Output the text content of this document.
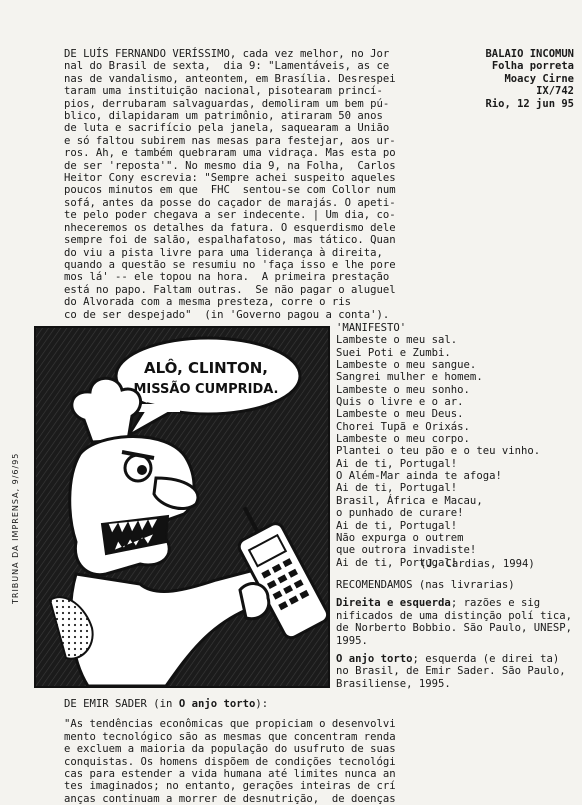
BALAIO INCOMUN
Folha porreta
Moacy Cirne
IX/742
Rio, 12 jun 95
DE LUÍS FERNANDO VERÍSSIMO, cada vez melhor, no Jor
nal do Brasil de sexta,  dia 9: "Lamentáveis, as ce
nas de vandalismo, anteontem, em Brasília. Desrespei
taram uma instituição nacional, pisotearam princí-
pios, derrubaram salvaguardas, demoliram um bem pú-
blico, dilapidaram um patrimônio, atiraram 50 anos
de luta e sacrifício pela janela, saquearam a União
e só faltou subirem nas mesas para festejar, aos ur-
ros. Ah, e também quebraram uma vidraça. Mas esta po
de ser 'reposta'". No mesmo dia 9, na Folha,  Carlos
Heitor Cony escrevia: "Sempre achei suspeito aqueles
poucos minutos em que  FHC  sentou-se com Collor num
sofá, antes da posse do caçador de marajás. O apeti-
te pelo poder chegava a ser indecente. | Um dia, co-
nheceremos os detalhes da fatura. O esquerdismo dele
sempre foi de salão, espalhafatoso, mas tático. Quan
do viu a pista livre para uma liderança à direita,
quando a questão se resumiu no 'faça isso e lhe pore
mos lá' -- ele topou na hora.  A primeira prestação
está no papo. Faltam outras.  Se não pagar o aluguel
do Alvorada com a mesma presteza, corre o ris
co de ser despejado"  (in 'Governo pagou a conta').
ALÔ, CLINTON,
MISSÃO CUMPRIDA.
TRIBUNA DA IMPRENSA, 9/6/95
'MANIFESTO'
Lambeste o meu sal.
Suei Poti e Zumbi.
Lambeste o meu sangue.
Sangrei mulher e homem.
Lambeste o meu sonho.
Quis o livre e o ar.
Lambeste o meu Deus.
Chorei Tupã e Orixás.
Lambeste o meu corpo.
Plantei o teu pão e o teu vinho.
Ai de ti, Portugal!
O Além-Mar ainda te afoga!
Ai de ti, Portugal!
Brasil, África e Macau,
o punhado de curare!
Ai de ti, Portugal!
Não expurga o outrem
que outrora invadiste!
Ai de ti, Portugal!
(J. Cardias, 1994)
RECOMENDAMOS (nas livrarias)
Direita e esquerda; razões e sig nificados de uma distinção polí tica, de Norberto Bobbio. São Paulo, UNESP, 1995.
O anjo torto; esquerda (e direi ta) no Brasil, de Emir Sader. São Paulo, Brasiliense, 1995.
DE EMIR SADER (in O anjo torto):
"As tendências econômicas que propiciam o desenvolvi
mento tecnológico são as mesmas que concentram renda
e excluem a maioria da população do usufruto de suas
conquistas. Os homens dispõem de condições tecnológi
cas para estender a vida humana até limites nunca an
tes imaginados; no entanto, gerações inteiras de crí
anças continuam a morrer de desnutrição,  de doenças
